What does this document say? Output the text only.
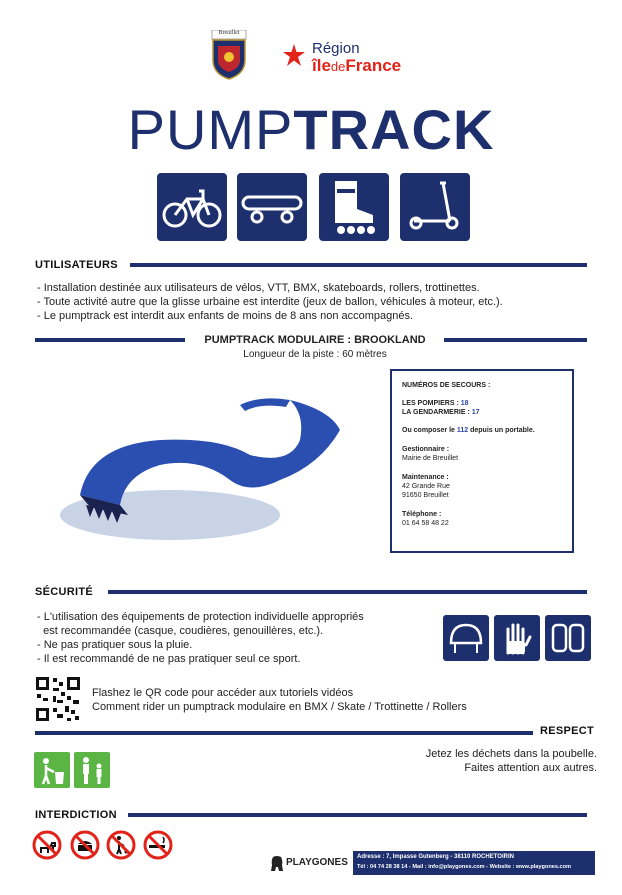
Breuillet
Région
îledeFrance
PUMPTRACK
UTILISATEURS
- Installation destinée aux utilisateurs de vélos, VTT, BMX, skateboards, rollers, trottinettes.
- Toute activité autre que la glisse urbaine est interdite (jeux de ballon, véhicules à moteur, etc.).
- Le pumptrack est interdit aux enfants de moins de 8 ans non accompagnés.
PUMPTRACK MODULAIRE : BROOKLAND
Longueur de la piste : 60 mètres

NUMÉROS DE SECOURS :

LES POMPIERS : 18

LA GENDARMERIE : 17

Ou composer le 112 depuis un portable.

Gestionnaire :

Mairie de Breuillet

Maintenance :

42 Grande Rue

91650 Breuillet

Téléphone :

01 64 58 48 22

SÉCURITÉ
- L'utilisation des équipements de protection individuelle appropriés
est recommandée (casque, coudières, genouillères, etc.).
- Ne pas pratiquer sous la pluie.
- Il est recommandé de ne pas pratiquer seul ce sport.
Flashez le QR code pour accéder aux tutoriels vidéos
Comment rider un pumptrack modulaire en BMX / Skate / Trottinette / Rollers
RESPECT
Jetez les déchets dans la poubelle.
Faites attention aux autres.
INTERDICTION
PLAYGONES Adresse : 7, Impasse Gutenberg - 38110 ROCHETOIRIN
Tél : 04 74 28 38 14 - Mail : info@playgones.com - Website : www.playgones.com
